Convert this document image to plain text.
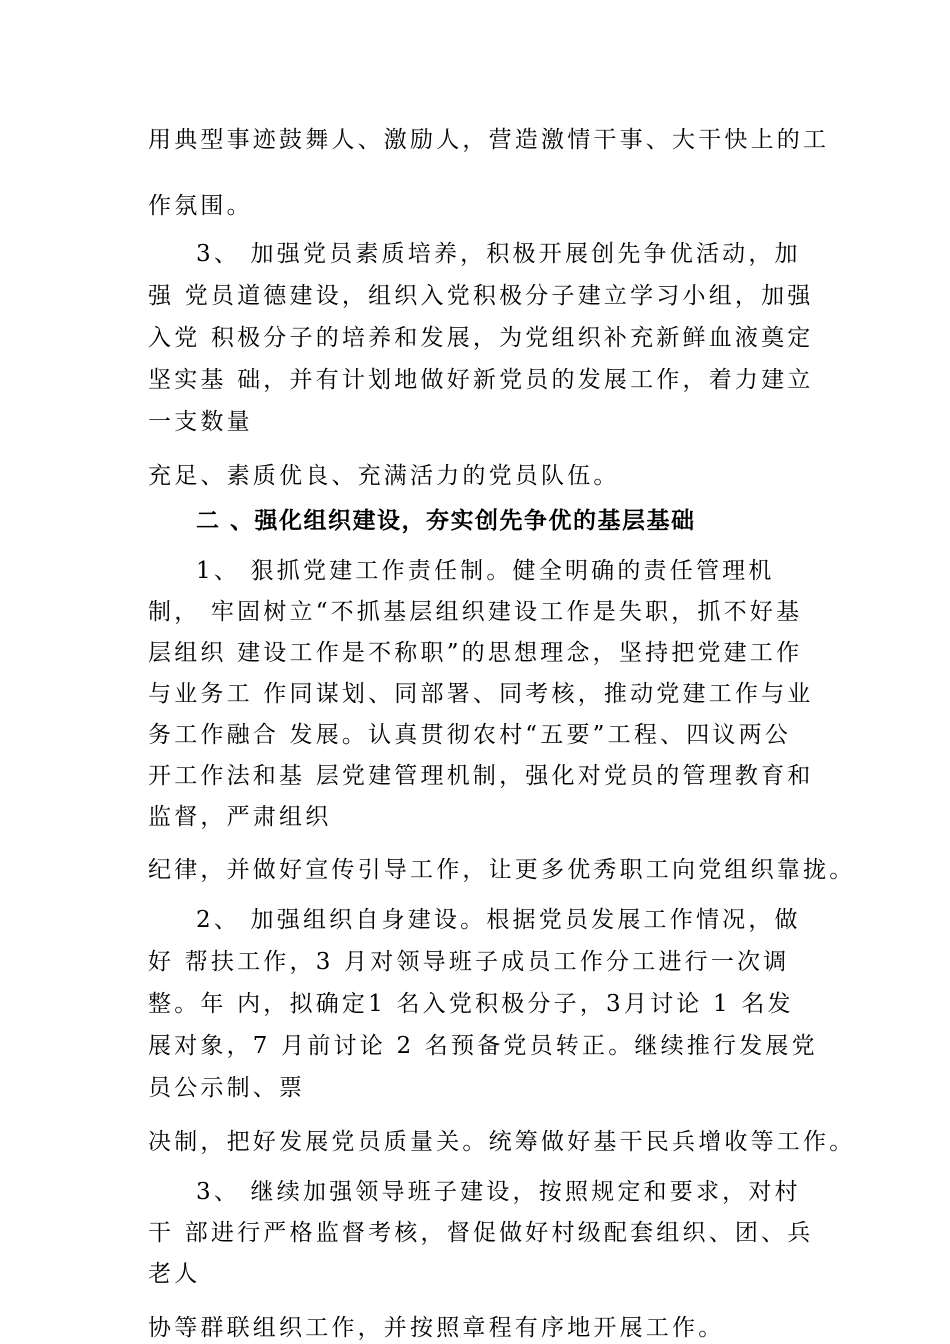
用典型事迹鼓舞人、激励人，营造激情干事、大干快上的工
作氛围。
3、 加强党员素质培养，积极开展创先争优活动，加
强 党员道德建设，组织入党积极分子建立学习小组，加强
入党 积极分子的培养和发展，为党组织补充新鲜血液奠定
坚实基 础，并有计划地做好新党员的发展工作，着力建立
一支数量
充足、素质优良、充满活力的党员队伍。
二 、强化组织建设，夯实创先争优的基层基础
1、 狠抓党建工作责任制。健全明确的责任管理机
制， 牢固树立“不抓基层组织建设工作是失职，抓不好基
层组织 建设工作是不称职”的思想理念，坚持把党建工作
与业务工 作同谋划、同部署、同考核，推动党建工作与业
务工作融合 发展。认真贯彻农村“五要”工程、四议两公
开工作法和基 层党建管理机制，强化对党员的管理教育和
监督，严肃组织
纪律，并做好宣传引导工作，让更多优秀职工向党组织靠拢。
2、 加强组织自身建设。根据党员发展工作情况，做
好 帮扶工作，3 月对领导班子成员工作分工进行一次调
整。年 内，拟确定1 名入党积极分子，3月讨论 1 名发
展对象，7 月前讨论 2 名预备党员转正。继续推行发展党
员公示制、票
决制，把好发展党员质量关。统筹做好基干民兵增收等工作。
3、 继续加强领导班子建设，按照规定和要求，对村
干 部进行严格监督考核，督促做好村级配套组织、团、兵
老人
协等群联组织工作，并按照章程有序地开展工作。
